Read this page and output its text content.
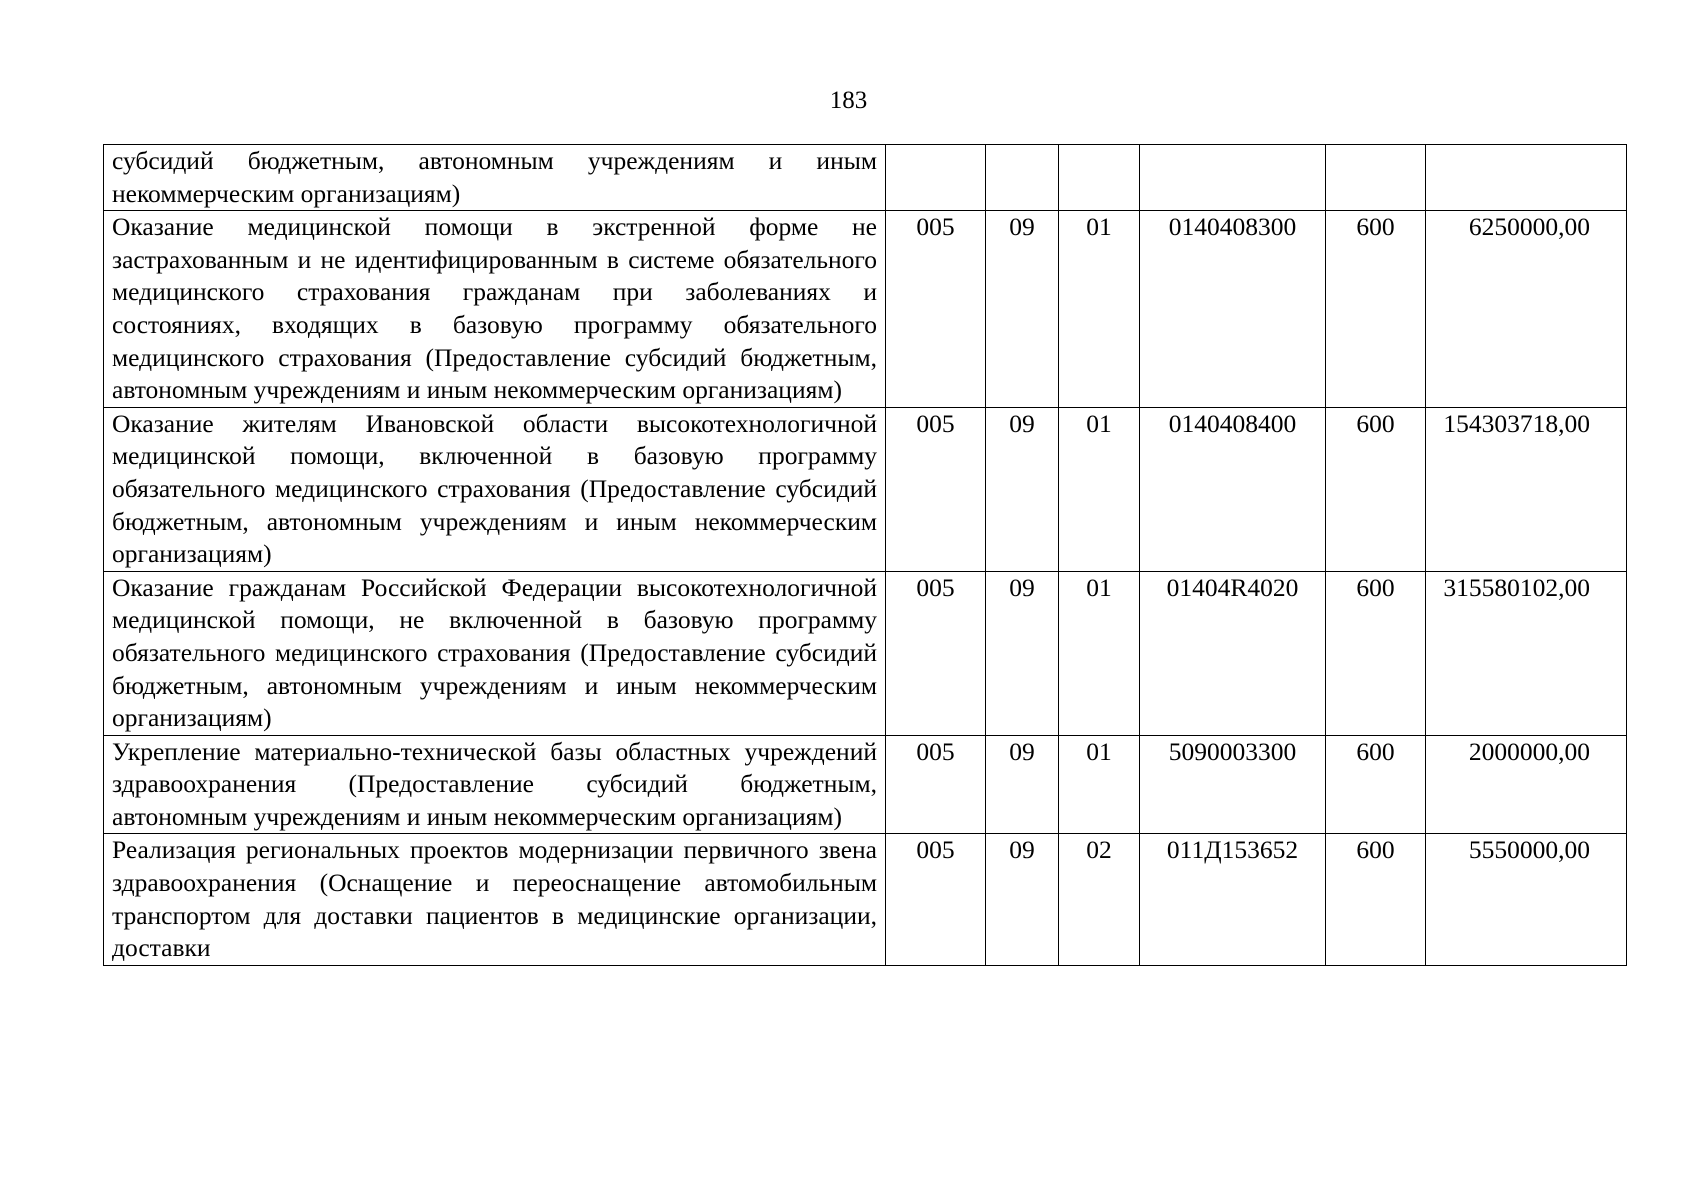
183
субсидий бюджетным, автономным учреждениям и иным некоммерческим организациям)						
Оказание медицинской помощи в экстренной форме не застрахованным и не идентифицированным в системе обязательного медицинского страхования гражданам при заболеваниях и состояниях, входящих в базовую программу обязательного медицинского страхования (Предоставление субсидий бюджетным, автономным учреждениям и иным некоммерческим организациям)	005	09	01	0140408300	600	6250000,00
Оказание жителям Ивановской области высокотехнологичной медицинской помощи, включенной в базовую программу обязательного медицинского страхования (Предоставление субсидий бюджетным, автономным учреждениям и иным некоммерческим организациям)	005	09	01	0140408400	600	154303718,00
Оказание гражданам Российской Федерации высокотехнологичной медицинской помощи, не включенной в базовую программу обязательного медицинского страхования (Предоставление субсидий бюджетным, автономным учреждениям и иным некоммерческим организациям)	005	09	01	01404R4020	600	315580102,00
Укрепление материально-технической базы областных учреждений здравоохранения (Предоставление субсидий бюджетным, автономным учреждениям и иным некоммерческим организациям)	005	09	01	5090003300	600	2000000,00
Реализация региональных проектов модернизации первичного звена здравоохранения (Оснащение и переоснащение автомобильным транспортом для доставки пациентов в медицинские организации, доставки	005	09	02	011Д153652	600	5550000,00
